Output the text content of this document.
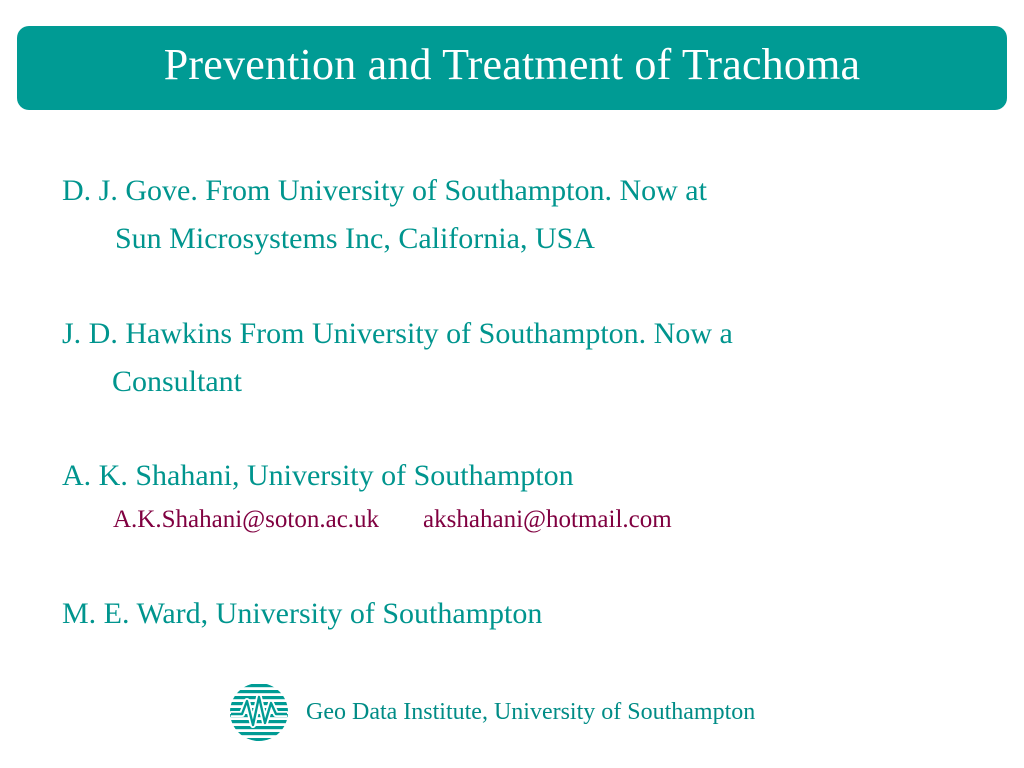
Prevention and Treatment of Trachoma
D. J. Gove. From University of Southampton. Now at
Sun Microsystems Inc, California, USA
J. D. Hawkins From University of Southampton. Now a
Consultant
A. K. Shahani, University of Southampton
A.K.Shahani@soton.ac.uk akshahani@hotmail.com
M. E. Ward, University of Southampton
Geo Data Institute, University of Southampton
